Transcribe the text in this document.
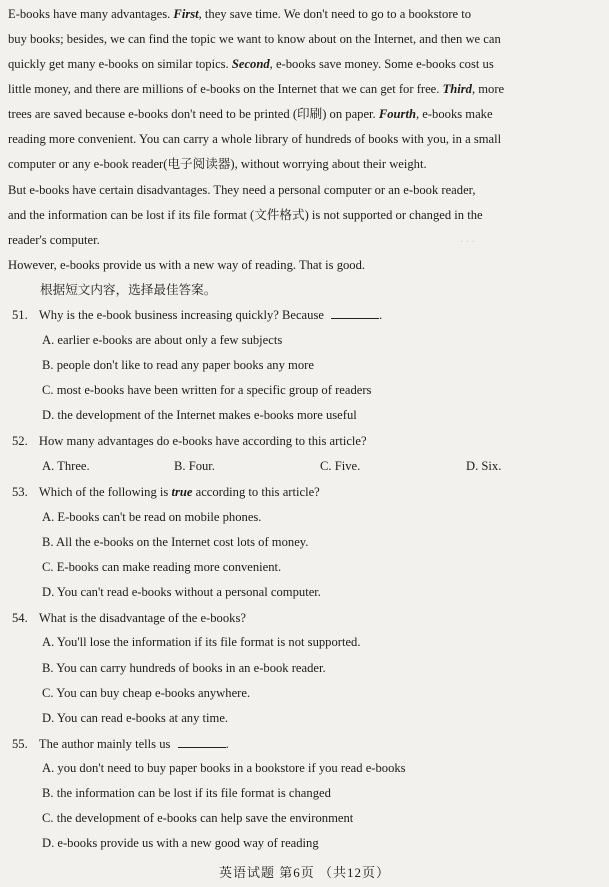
· · ·
E-books have many advantages. First, they save time. We don't need to go to a bookstore to
buy books; besides, we can find the topic we want to know about on the Internet, and then we can
quickly get many e-books on similar topics. Second, e-books save money. Some e-books cost us
little money, and there are millions of e-books on the Internet that we can get for free. Third, more
trees are saved because e-books don't need to be printed (印刷) on paper. Fourth, e-books make
reading more convenient. You can carry a whole library of hundreds of books with you, in a small
computer or any e-book reader(电子阅读器), without worrying about their weight.
But e-books have certain disadvantages. They need a personal computer or an e-book reader,
and the information can be lost if its file format (文件格式) is not supported or changed in the
reader's computer.
However, e-books provide us with a new way of reading. That is good.
根据短文内容，选择最佳答案。
51. Why is the e-book business increasing quickly? Because	.
A. earlier e-books are about only a few subjects
B. people don't like to read any paper books any more
C. most e-books have been written for a specific group of readers
D. the development of the Internet makes e-books more useful
52. How many advantages do e-books have according to this article?
A. Three.	B. Four.	C. Five.	D. Six.
53. Which of the following is true according to this article?
A. E-books can't be read on mobile phones.
B. All the e-books on the Internet cost lots of money.
C. E-books can make reading more convenient.
D. You can't read e-books without a personal computer.
54. What is the disadvantage of the e-books?
A. You'll lose the information if its file format is not supported.
B. You can carry hundreds of books in an e-book reader.
C. You can buy cheap e-books anywhere.
D. You can read e-books at any time.
55. The author mainly tells us	.
A. you don't need to buy paper books in a bookstore if you read e-books
B. the information can be lost if its file format is changed
C. the development of e-books can help save the environment
D. e-books provide us with a new good way of reading
英语试题 第6页 （共12页）
